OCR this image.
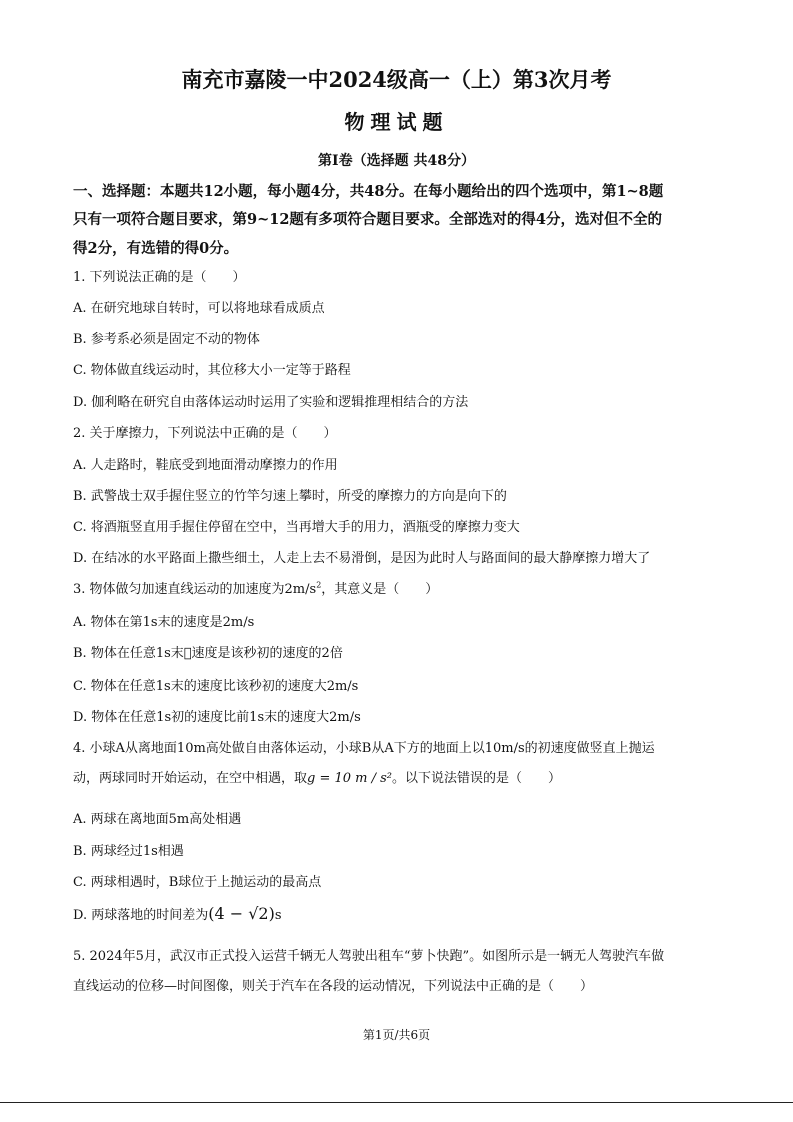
南充市嘉陵一中2024级高一（上）第3次月考
物理试题
第I卷（选择题 共48分）
一、选择题：本题共12小题，每小题4分，共48分。在每小题给出的四个选项中，第1~8题
只有一项符合题目要求，第9~12题有多项符合题目要求。全部选对的得4分，选对但不全的
得2分，有选错的得0分。
1. 下列说法正确的是（　　）
A. 在研究地球自转时，可以将地球看成质点
B. 参考系必须是固定不动的物体
C. 物体做直线运动时，其位移大小一定等于路程
D. 伽利略在研究自由落体运动时运用了实验和逻辑推理相结合的方法
2. 关于摩擦力，下列说法中正确的是（　　）
A. 人走路时，鞋底受到地面滑动摩擦力的作用
B. 武警战士双手握住竖立的竹竿匀速上攀时，所受的摩擦力的方向是向下的
C. 将酒瓶竖直用手握住停留在空中，当再增大手的用力，酒瓶受的摩擦力变大
D. 在结冰的水平路面上撒些细土，人走上去不易滑倒，是因为此时人与路面间的最大静摩擦力增大了
3. 物体做匀加速直线运动的加速度为$2m/s^2$，其意义是（　　）
A. 物体在第1s末的速度是2m/s
B. 物体在任意1s末 速度是该秒初的速度的2倍
C. 物体在任意1s末的速度比该秒初的速度大2m/s
D. 物体在任意1s初的速度比前1s末的速度大2m/s
4. 小球A从离地面10m高处做自由落体运动，小球B从A下方的地面上以10m/s的初速度做竖直上抛运
动，两球同时开始运动，在空中相遇，取g = 10 m / s²。以下说法错误的是（　　）
A. 两球在离地面5m高处相遇
B. 两球经过1s相遇
C. 两球相遇时，B球位于上抛运动的最高点
D. 两球落地的时间差为(4 − √2)s
5. 2024年5月，武汉市正式投入运营千辆无人驾驶出租车“萝卜快跑”。如图所示是一辆无人驾驶汽车做
直线运动的位移—时间图像，则关于汽车在各段的运动情况，下列说法中正确的是（　　）
第1页/共6页
